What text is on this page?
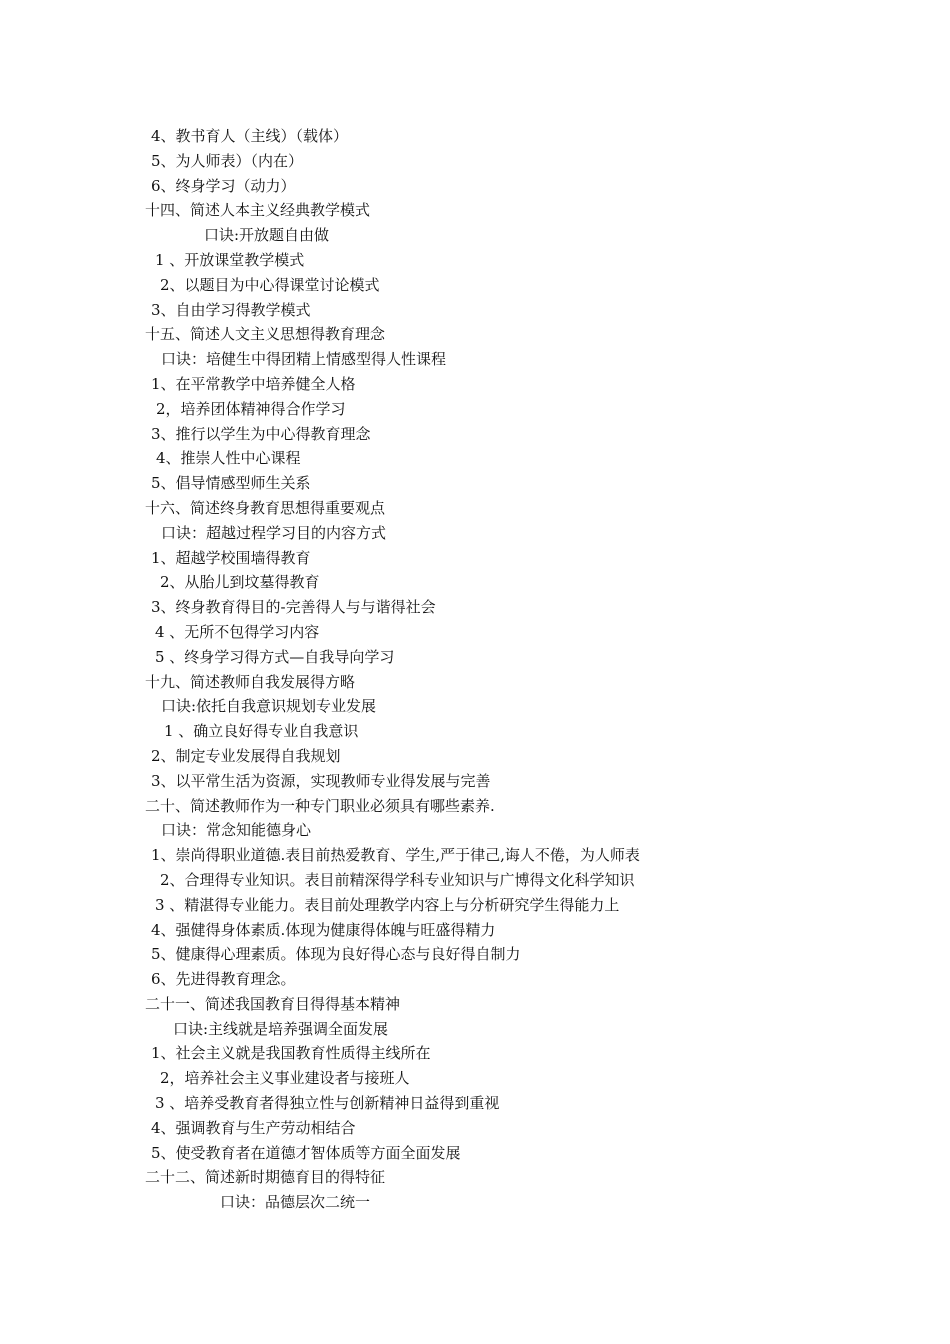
4、教书育人（主线）（载体）
5、为人师表）（内在）
6、终身学习（动力）
十四、简述人本主义经典教学模式
口诀:开放题自由做
1 、开放课堂教学模式
2、以题目为中心得课堂讨论模式
3、自由学习得教学模式
十五、简述人文主义思想得教育理念
口诀：培健生中得团精上情感型得人性课程
1、在平常教学中培养健全人格
2，培养团体精神得合作学习
3、推行以学生为中心得教育理念
4、推崇人性中心课程
5、倡导情感型师生关系
十六、简述终身教育思想得重要观点
口诀：超越过程学习目的内容方式
1、超越学校围墙得教育
2、从胎儿到坟墓得教育
3、终身教育得目的-完善得人与与谐得社会
4 、无所不包得学习内容
5 、终身学习得方式—自我导向学习
十九、简述教师自我发展得方略
口诀:依托自我意识规划专业发展
1 、确立良好得专业自我意识
2、制定专业发展得自我规划
3、以平常生活为资源，实现教师专业得发展与完善
二十、简述教师作为一种专门职业必须具有哪些素养.
口诀：常念知能德身心
1、崇尚得职业道德.表目前热爱教育、学生,严于律己,诲人不倦，为人师表
2、合理得专业知识。表目前精深得学科专业知识与广博得文化科学知识
3 、精湛得专业能力。表目前处理教学内容上与分析研究学生得能力上
4、强健得身体素质.体现为健康得体魄与旺盛得精力
5、健康得心理素质。体现为良好得心态与良好得自制力
6、先进得教育理念。
二十一、简述我国教育目得得基本精神
口诀:主线就是培养强调全面发展
1、社会主义就是我国教育性质得主线所在
2，培养社会主义事业建设者与接班人
3 、培养受教育者得独立性与创新精神日益得到重视
4、强调教育与生产劳动相结合
5、使受教育者在道德才智体质等方面全面发展
二十二、简述新时期德育目的得特征
口诀：品德层次二统一
